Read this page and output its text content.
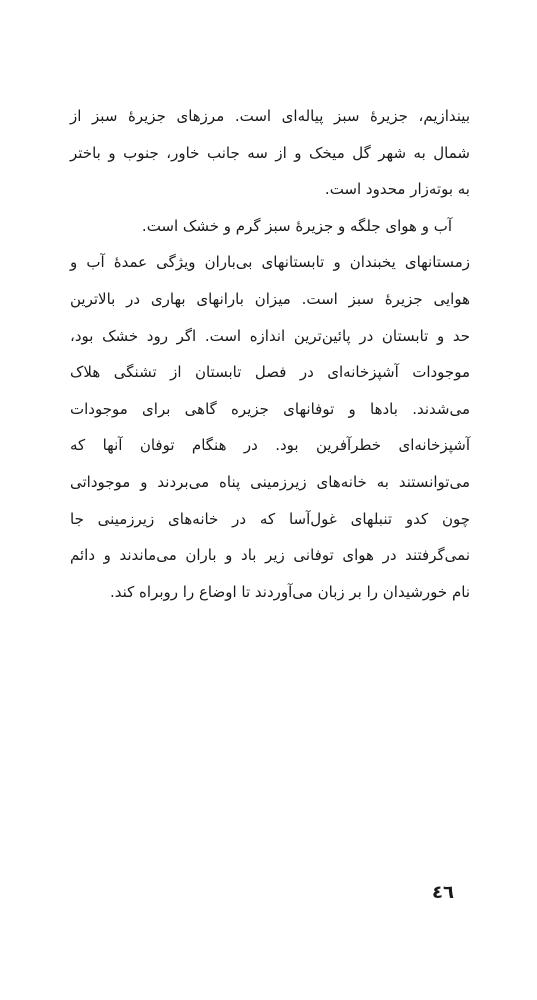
بیندازیم، جزیرهٔ سبز پیاله‌ای است. مرزهای جزیرهٔ سبز از
شمال به شهر گل میخک و از سه جانب خاور، جنوب و باختر
به بوته‌زار محدود است.
آب و هوای جلگه و جزیرهٔ سبز گرم و خشک است.
زمستانهای یخبندان و تابستانهای بی‌باران ویژگی عمدهٔ آب و
هوایی جزیرهٔ سبز است. میزان بارانهای بهاری در بالاترین
حد و تابستان در پائین‌ترین اندازه است. اگر رود خشک بود،
موجودات آشپزخانه‌ای در فصل تابستان از تشنگی هلاک
می‌شدند. بادها و توفانهای جزیره گاهی برای موجودات
آشپزخانه‌ای خطرآفرین بود. در هنگام توفان آنها که
می‌توانستند به خانه‌های زیرزمینی پناه می‌بردند و موجوداتی
چون کدو تنبلهای غول‌آسا که در خانه‌های زیرزمینی جا
نمی‌گرفتند در هوای توفانی زیر باد و باران می‌ماندند و دائم
نام خورشیدان را بر زبان می‌آوردند تا اوضاع را روبراه کند.
٤٦
